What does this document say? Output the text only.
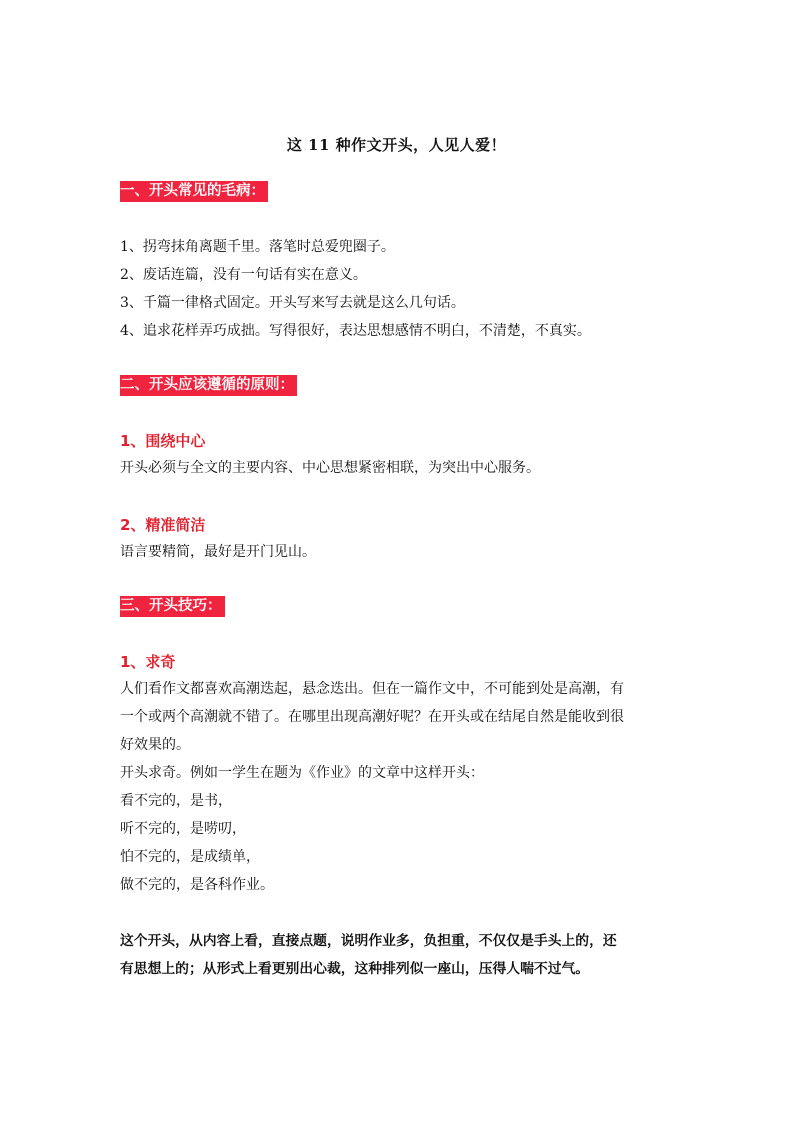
这 11 种作文开头，人见人爱！
一、开头常见的毛病：
1、拐弯抹角离题千里。落笔时总爱兜圈子。
2、废话连篇，没有一句话有实在意义。
3、千篇一律格式固定。开头写来写去就是这么几句话。
4、追求花样弄巧成拙。写得很好，表达思想感情不明白，不清楚，不真实。
二、开头应该遵循的原则：
1、围绕中心
开头必须与全文的主要内容、中心思想紧密相联，为突出中心服务。
2、精准简洁
语言要精简，最好是开门见山。
三、开头技巧：
1、求奇
人们看作文都喜欢高潮迭起，悬念迭出。但在一篇作文中，不可能到处是高潮，有
一个或两个高潮就不错了。在哪里出现高潮好呢？在开头或在结尾自然是能收到很
好效果的。
开头求奇。例如一学生在题为《作业》的文章中这样开头：
看不完的，是书，
听不完的，是唠叨，
怕不完的，是成绩单，
做不完的，是各科作业。
这个开头，从内容上看，直接点题，说明作业多，负担重，不仅仅是手头上的，还
有思想上的；从形式上看更别出心裁，这种排列似一座山，压得人喘不过气。
